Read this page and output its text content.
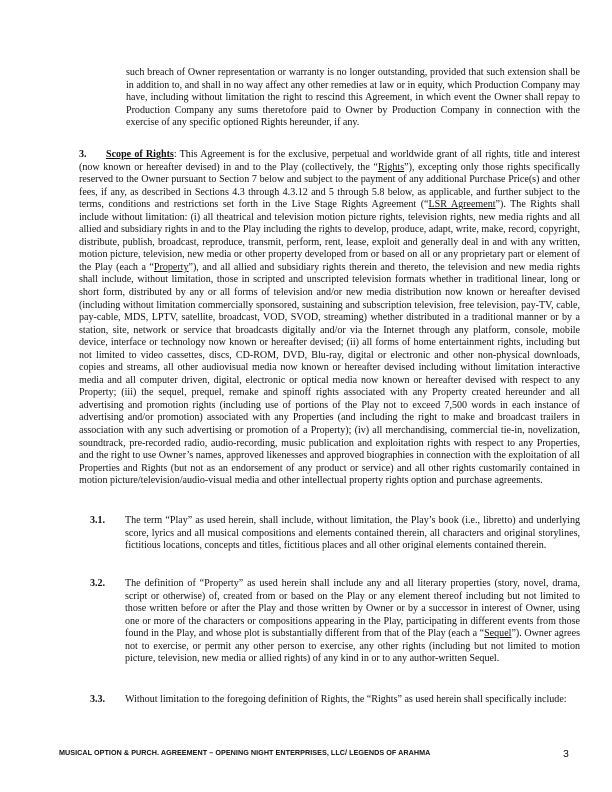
such breach of Owner representation or warranty is no longer outstanding, provided that such extension shall be in addition to, and shall in no way affect any other remedies at law or in equity, which Production Company may have, including without limitation the right to rescind this Agreement, in which event the Owner shall repay to Production Company any sums theretofore paid to Owner by Production Company in connection with the exercise of any specific optioned Rights hereunder, if any.

3. Scope of Rights: This Agreement is for the exclusive, perpetual and worldwide grant of all rights, title and interest (now known or hereafter devised) in and to the Play (collectively, the “Rights”), excepting only those rights specifically reserved to the Owner pursuant to Section 7 below and subject to the payment of any additional Purchase Price(s) and other fees, if any, as described in Sections 4.3 through 4.3.12 and 5 through 5.8 below, as applicable, and further subject to the terms, conditions and restrictions set forth in the Live Stage Rights Agreement (“LSR Agreement”). The Rights shall include without limitation: (i) all theatrical and television motion picture rights, television rights, new media rights and all allied and subsidiary rights in and to the Play including the rights to develop, produce, adapt, write, make, record, copyright, distribute, publish, broadcast, reproduce, transmit, perform, rent, lease, exploit and generally deal in and with any written, motion picture, television, new media or other property developed from or based on all or any proprietary part or element of the Play (each a “Property”), and all allied and subsidiary rights therein and thereto, the television and new media rights shall include, without limitation, those in scripted and unscripted television formats whether in traditional linear, long or short form, distributed by any or all forms of television and/or new media distribution now known or hereafter devised (including without limitation commercially sponsored, sustaining and subscription television, free television, pay-TV, cable, pay-cable, MDS, LPTV, satellite, broadcast, VOD, SVOD, streaming) whether distributed in a traditional manner or by a station, site, network or service that broadcasts digitally and/or via the Internet through any platform, console, mobile device, interface or technology now known or hereafter devised; (ii) all forms of home entertainment rights, including but not limited to video cassettes, discs, CD-ROM, DVD, Blu-ray, digital or electronic and other non-physical downloads, copies and streams, all other audiovisual media now known or hereafter devised including without limitation interactive media and all computer driven, digital, electronic or optical media now known or hereafter devised with respect to any Property; (iii) the sequel, prequel, remake and spinoff rights associated with any Property created hereunder and all advertising and promotion rights (including use of portions of the Play not to exceed 7,500 words in each instance of advertising and/or promotion) associated with any Properties (and including the right to make and broadcast trailers in association with any such advertising or promotion of a Property); (iv) all merchandising, commercial tie-in, novelization, soundtrack, pre-recorded radio, audio-recording, music publication and exploitation rights with respect to any Properties, and the right to use Owner’s names, approved likenesses and approved biographies in connection with the exploitation of all Properties and Rights (but not as an endorsement of any product or service) and all other rights customarily contained in motion picture/television/audio-visual media and other intellectual property rights option and purchase agreements.

3.1. The term “Play” as used herein, shall include, without limitation, the Play’s book (i.e., libretto) and underlying score, lyrics and all musical compositions and elements contained therein, all characters and original storylines, fictitious locations, concepts and titles, fictitious places and all other original elements contained therein.
3.2. The definition of “Property” as used herein shall include any and all literary properties (story, novel, drama, script or otherwise) of, created from or based on the Play or any element thereof including but not limited to those written before or after the Play and those written by Owner or by a successor in interest of Owner, using one or more of the characters or compositions appearing in the Play, participating in different events from those found in the Play, and whose plot is substantially different from that of the Play (each a “Sequel”). Owner agrees not to exercise, or permit any other person to exercise, any other rights (including but not limited to motion picture, television, new media or allied rights) of any kind in or to any author-written Sequel.
3.3. Without limitation to the foregoing definition of Rights, the “Rights” as used herein shall specifically include:
MUSICAL OPTION & PURCH. AGREEMENT – OPENING NIGHT ENTERPRISES, LLC/ LEGENDS OF ARAHMA	3
